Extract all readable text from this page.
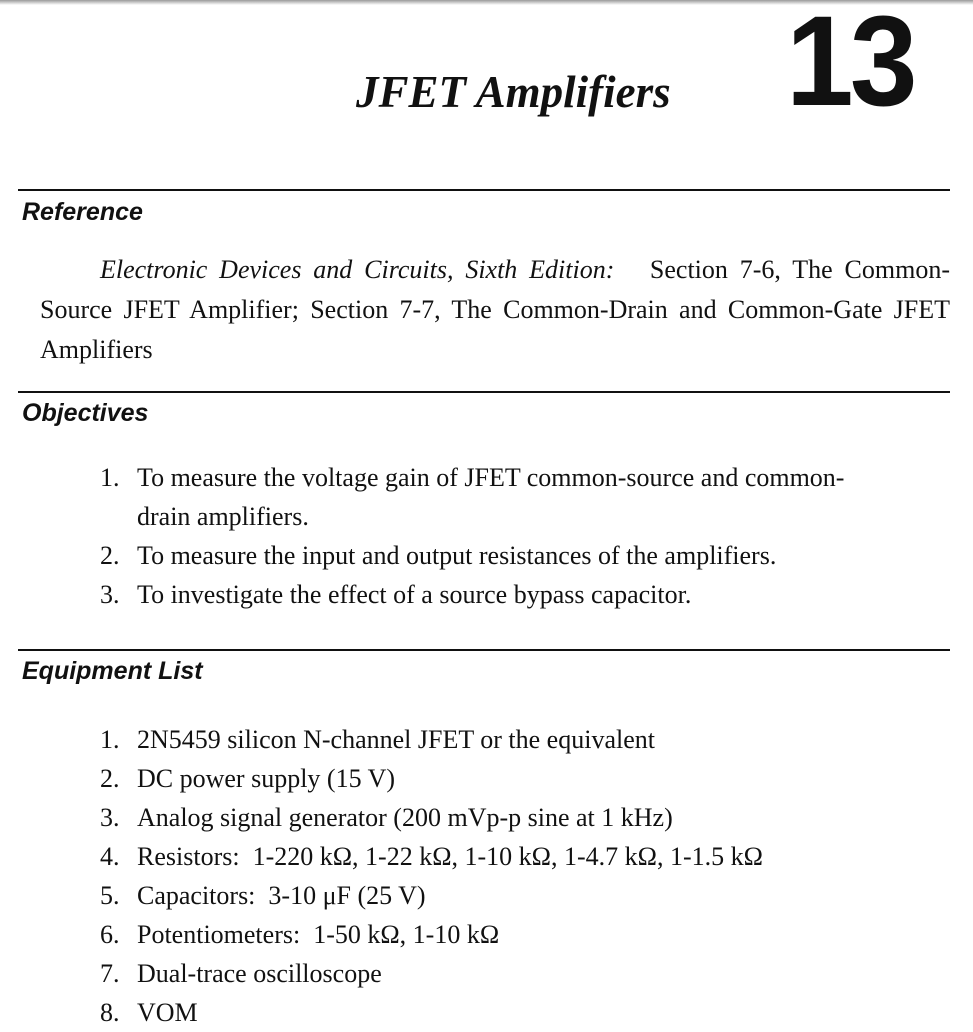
JFET Amplifiers 13
Reference
Electronic Devices and Circuits, Sixth Edition: Section 7-6, The Common-Source JFET Amplifier; Section 7-7, The Common-Drain and Common-Gate JFET Amplifiers
Objectives
1. To measure the voltage gain of JFET common-source and common-drain amplifiers.
2. To measure the input and output resistances of the amplifiers.
3. To investigate the effect of a source bypass capacitor.
Equipment List
1. 2N5459 silicon N-channel JFET or the equivalent
2. DC power supply (15 V)
3. Analog signal generator (200 mVp-p sine at 1 kHz)
4. Resistors:  1-220 kΩ, 1-22 kΩ, 1-10 kΩ, 1-4.7 kΩ, 1-1.5 kΩ
5. Capacitors:  3-10 μF (25 V)
6. Potentiometers:  1-50 kΩ, 1-10 kΩ
7. Dual-trace oscilloscope
8. VOM
